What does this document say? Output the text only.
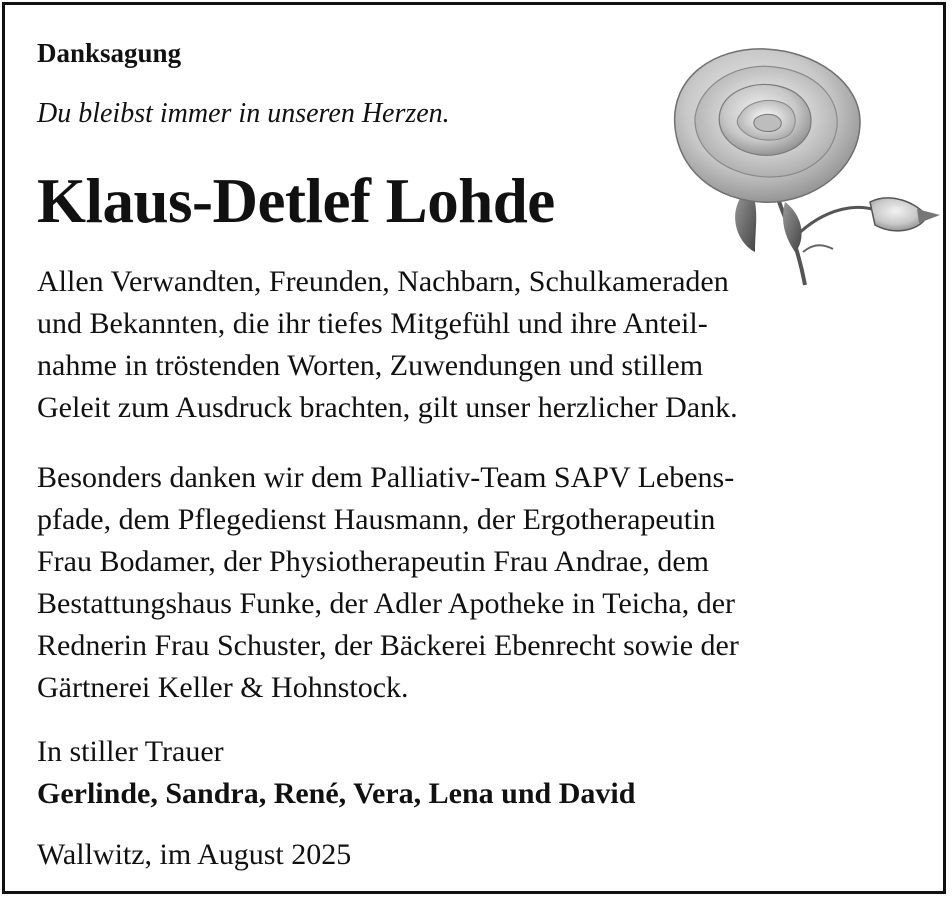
Danksagung
Du bleibst immer in unseren Herzen.
Klaus-Detlef Lohde

Allen Verwandten, Freunden, Nachbarn, Schulkameraden
und Bekannten, die ihr tiefes Mitgefühl und ihre Anteil-
nahme in tröstenden Worten, Zuwendungen und stillem
Geleit zum Ausdruck brachten, gilt unser herzlicher Dank.

Besonders danken wir dem Palliativ-Team SAPV Lebens-
pfade, dem Pflegedienst Hausmann, der Ergotherapeutin
Frau Bodamer, der Physiotherapeutin Frau Andrae, dem
Bestattungshaus Funke, der Adler Apotheke in Teicha, der
Rednerin Frau Schuster, der Bäckerei Ebenrecht sowie der
Gärtnerei Keller & Hohnstock.

In stiller Trauer
Gerlinde, Sandra, René, Vera, Lena und David
Wallwitz, im August 2025
